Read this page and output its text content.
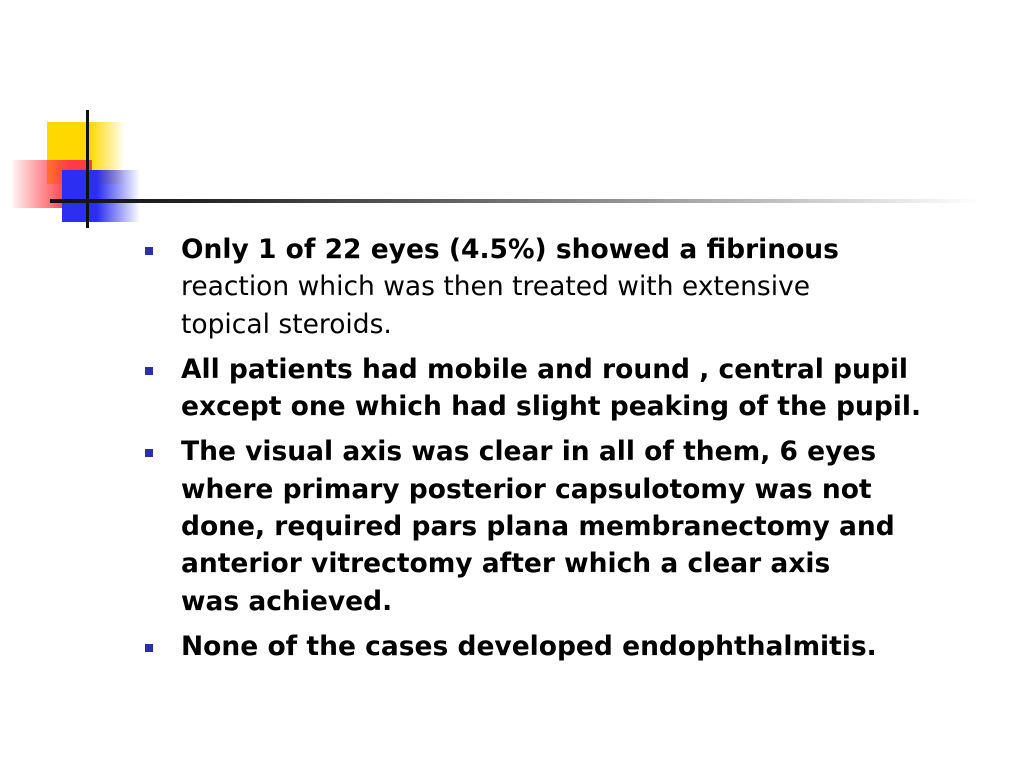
Only 1 of 22 eyes (4.5%) showed a fibrinous
reaction which was then treated with extensive
topical steroids.
All patients had mobile and round , central pupil
except one which had slight peaking of the pupil.
The visual axis was clear in all of them, 6 eyes
where primary posterior capsulotomy was not
done, required pars plana membranectomy and
anterior vitrectomy after which a clear axis
was achieved.
None of the cases developed endophthalmitis.
